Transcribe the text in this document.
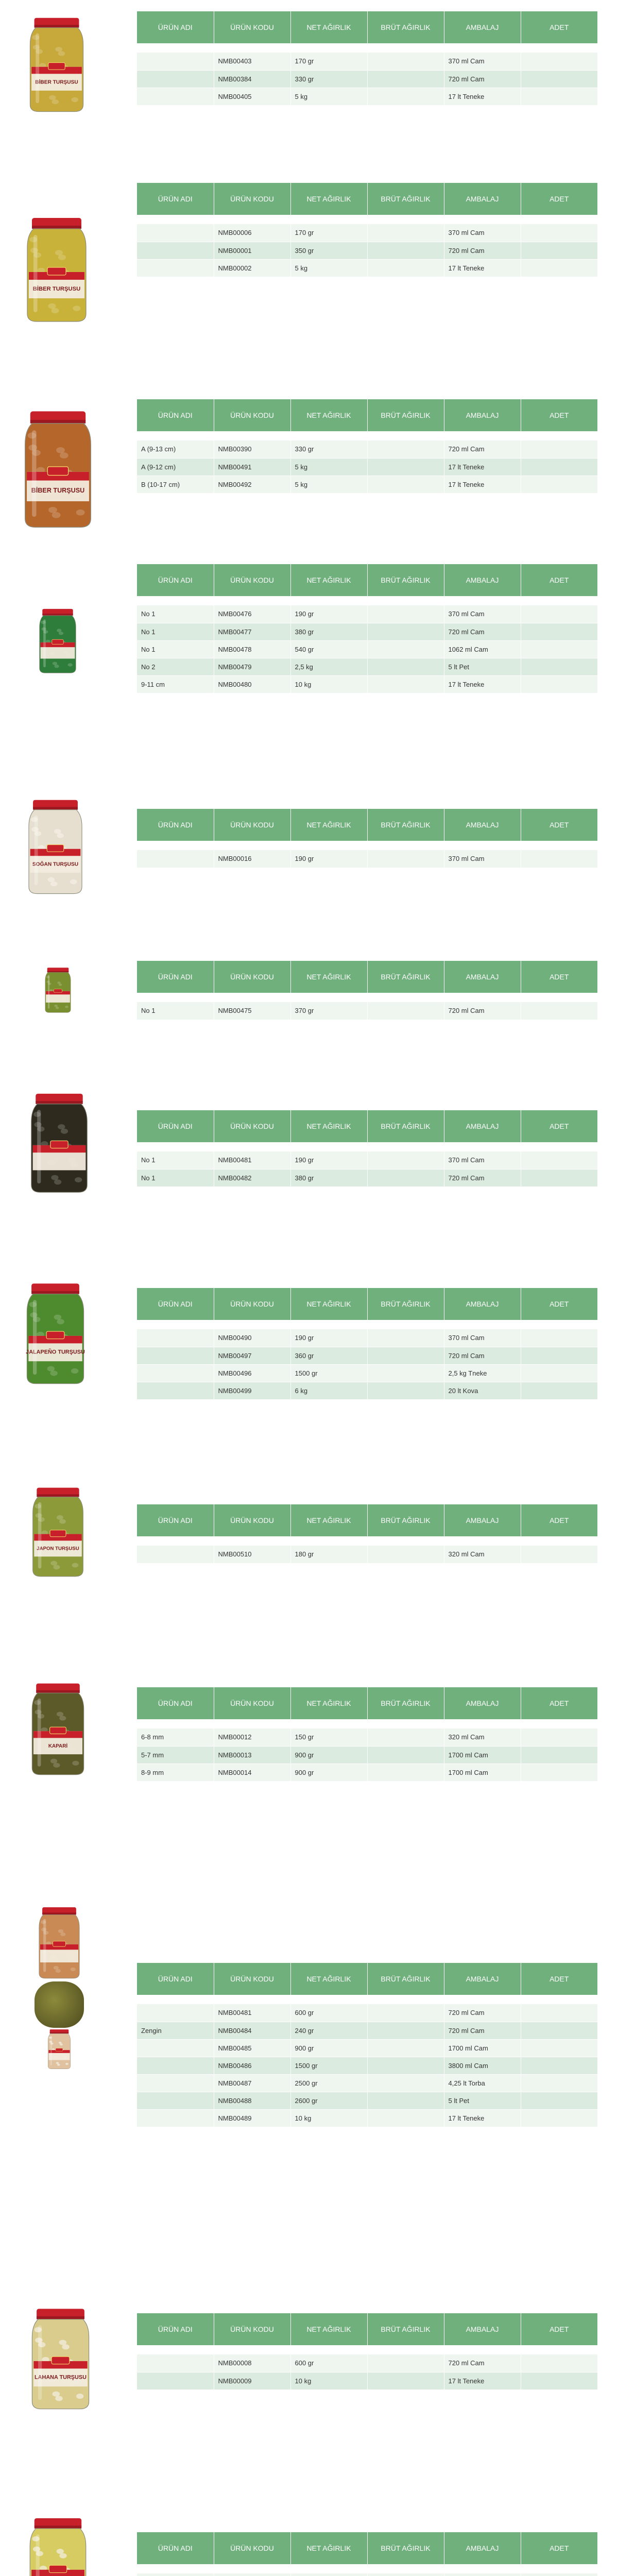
BİBER TURŞUSU
ÜRÜN ADI	ÜRÜN KODU	NET AĞIRLIK	BRÜT AĞIRLIK	AMBALAJ	ADET

	NMB00403	170 gr		370 ml Cam	
	NMB00384	330 gr		720 ml Cam	
	NMB00405	5 kg		17 lt Teneke	
BİBER TURŞUSU
ÜRÜN ADI	ÜRÜN KODU	NET AĞIRLIK	BRÜT AĞIRLIK	AMBALAJ	ADET

	NMB00006	170 gr		370 ml Cam	
	NMB00001	350 gr		720 ml Cam	
	NMB00002	5 kg		17 lt Teneke	
BİBER TURŞUSU
ÜRÜN ADI	ÜRÜN KODU	NET AĞIRLIK	BRÜT AĞIRLIK	AMBALAJ	ADET

A (9-13 cm)	NMB00390	330 gr		720 ml Cam	
A (9-12 cm)	NMB00491	5 kg		17 lt Teneke	
B (10-17 cm)	NMB00492	5 kg		17 lt Teneke	
ÜRÜN ADI	ÜRÜN KODU	NET AĞIRLIK	BRÜT AĞIRLIK	AMBALAJ	ADET

No 1	NMB00476	190 gr		370 ml Cam	
No 1	NMB00477	380 gr		720 ml Cam	
No 1	NMB00478	540 gr		1062 ml Cam	
No 2	NMB00479	2,5 kg		5 lt Pet	
9-11 cm	NMB00480	10 kg		17 lt Teneke	
SOĞAN TURŞUSU
ÜRÜN ADI	ÜRÜN KODU	NET AĞIRLIK	BRÜT AĞIRLIK	AMBALAJ	ADET

	NMB00016	190 gr		370 ml Cam	
ÜRÜN ADI	ÜRÜN KODU	NET AĞIRLIK	BRÜT AĞIRLIK	AMBALAJ	ADET

No 1	NMB00475	370 gr		720 ml Cam	
ÜRÜN ADI	ÜRÜN KODU	NET AĞIRLIK	BRÜT AĞIRLIK	AMBALAJ	ADET

No 1	NMB00481	190 gr		370 ml Cam	
No 1	NMB00482	380 gr		720 ml Cam	
JALAPEÑO TURŞUSU
ÜRÜN ADI	ÜRÜN KODU	NET AĞIRLIK	BRÜT AĞIRLIK	AMBALAJ	ADET

	NMB00490	190 gr		370 ml Cam	
	NMB00497	360 gr		720 ml Cam	
	NMB00496	1500 gr		2,5 kg Tneke	
	NMB00499	6 kg		20 lt Kova	
JAPON TURŞUSU
ÜRÜN ADI	ÜRÜN KODU	NET AĞIRLIK	BRÜT AĞIRLIK	AMBALAJ	ADET

	NMB00510	180 gr		320 ml Cam	
KAPARİ
ÜRÜN ADI	ÜRÜN KODU	NET AĞIRLIK	BRÜT AĞIRLIK	AMBALAJ	ADET

6-8 mm	NMB00012	150 gr		320 ml Cam	
5-7 mm	NMB00013	900 gr		1700 ml Cam	
8-9 mm	NMB00014	900 gr		1700 ml Cam	
ÜRÜN ADI	ÜRÜN KODU	NET AĞIRLIK	BRÜT AĞIRLIK	AMBALAJ	ADET

	NMB00481	600 gr		720 ml Cam	
Zengin	NMB00484	240 gr		720 ml Cam	
	NMB00485	900 gr		1700 ml Cam	
	NMB00486	1500 gr		3800 ml Cam	
	NMB00487	2500 gr		4,25 lt Torba	
	NMB00488	2600 gr		5 lt Pet	
	NMB00489	10 kg		17 lt Teneke	
LAHANA TURŞUSU
ÜRÜN ADI	ÜRÜN KODU	NET AĞIRLIK	BRÜT AĞIRLIK	AMBALAJ	ADET

	NMB00008	600 gr		720 ml Cam	
	NMB00009	10 kg		17 lt Teneke	
ÜRÜN ADI	ÜRÜN KODU	NET AĞIRLIK	BRÜT AĞIRLIK	AMBALAJ	ADET
